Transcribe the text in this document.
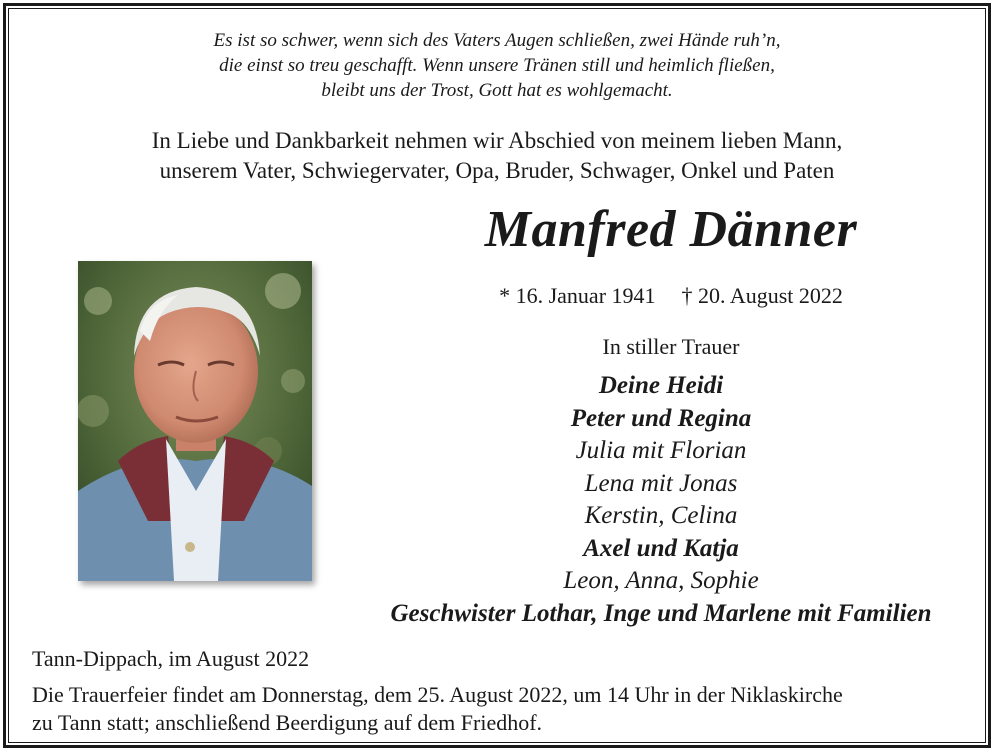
Es ist so schwer, wenn sich des Vaters Augen schließen, zwei Hände ruh’n,
die einst so treu geschafft. Wenn unsere Tränen still und heimlich fließen,
bleibt uns der Trost, Gott hat es wohlgemacht.
In Liebe und Dankbarkeit nehmen wir Abschied von meinem lieben Mann,
unserem Vater, Schwiegervater, Opa, Bruder, Schwager, Onkel und Paten
Manfred Dänner
* 16. Januar 1941 † 20. August 2022
In stiller Trauer
Deine Heidi
Peter und Regina
Julia mit Florian
Lena mit Jonas
Kerstin, Celina
Axel und Katja
Leon, Anna, Sophie
Geschwister Lothar, Inge und Marlene mit Familien
Tann-Dippach, im August 2022
Die Trauerfeier findet am Donnerstag, dem 25. August 2022, um 14 Uhr in der Niklaskirche
zu Tann statt; anschließend Beerdigung auf dem Friedhof.
